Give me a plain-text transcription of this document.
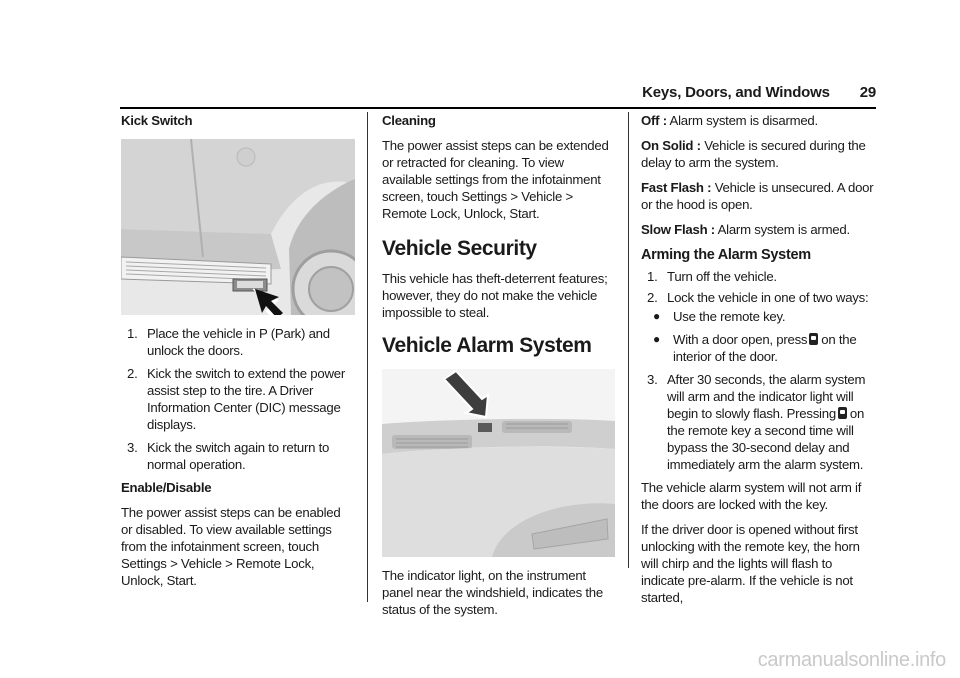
Keys, Doors, and Windows 29

Kick Switch

1. Place the vehicle in P (Park) and unlock the doors.
2. Kick the switch to extend the power assist step to the tire. A Driver Information Center (DIC) message displays.
3. Kick the switch again to return to normal operation.

Enable/Disable

The power assist steps can be enabled or disabled. To view available settings from the infotainment screen, touch Settings > Vehicle > Remote Lock, Unlock, Start.

Cleaning

The power assist steps can be extended or retracted for cleaning. To view available settings from the infotainment screen, touch Settings > Vehicle > Remote Lock, Unlock, Start.

Vehicle Security

This vehicle has theft-deterrent features; however, they do not make the vehicle impossible to steal.

Vehicle Alarm System

The indicator light, on the instrument panel near the windshield, indicates the status of the system.

Off : Alarm system is disarmed.

On Solid : Vehicle is secured during the delay to arm the system.

Fast Flash : Vehicle is unsecured. A door or the hood is open.

Slow Flash : Alarm system is armed.

Arming the Alarm System
1. Turn off the vehicle.
2. Lock the vehicle in one of two ways:
● Use the remote key.
● With a door open, press on the interior of the door.
3. After 30 seconds, the alarm system will arm and the indicator light will begin to slowly flash. Pressing on the remote key a second time will bypass the 30-second delay and immediately arm the alarm system.

The vehicle alarm system will not arm if the doors are locked with the key.

If the driver door is opened without first unlocking with the remote key, the horn will chirp and the lights will flash to indicate pre-alarm. If the vehicle is not started,

carmanualsonline.info
